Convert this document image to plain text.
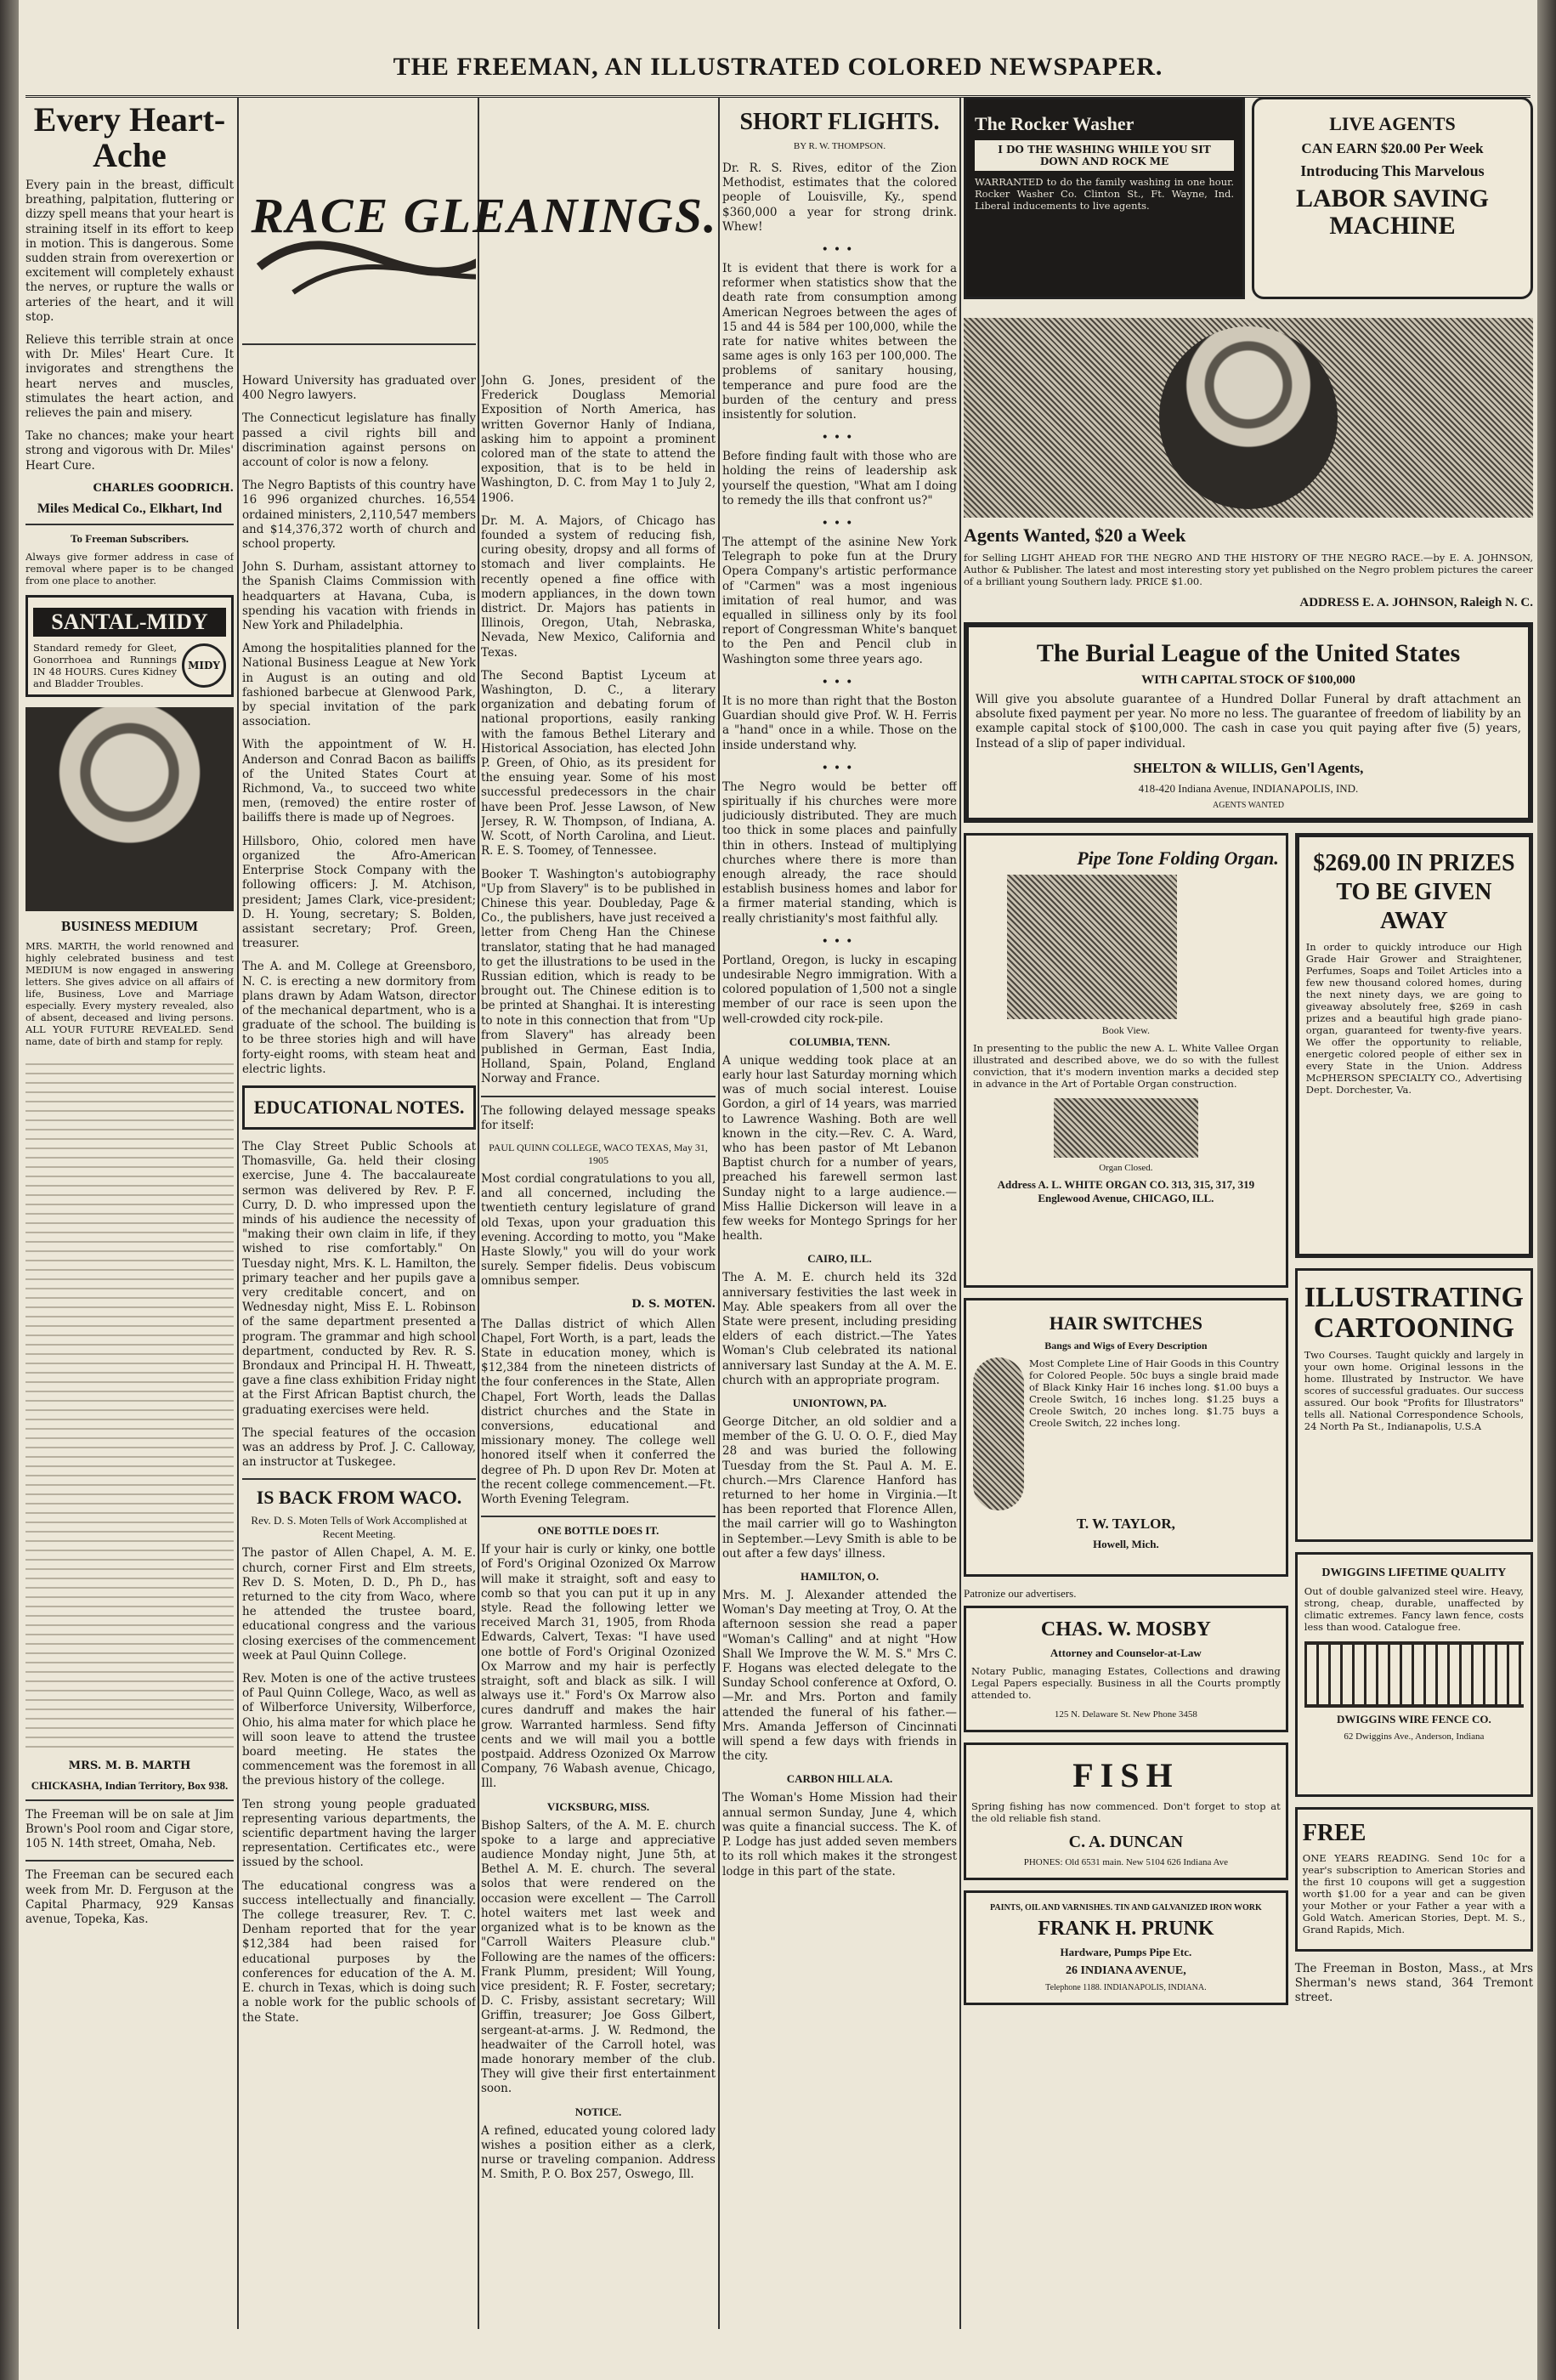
THE FREEMAN, AN ILLUSTRATED COLORED NEWSPAPER.
Every Heart-Ache

Every pain in the breast, difficult breathing, palpitation, fluttering or dizzy spell means that your heart is straining itself in its effort to keep in motion. This is dangerous. Some sudden strain from overexertion or excitement will completely exhaust the nerves, or rupture the walls or arteries of the heart, and it will stop.

Relieve this terrible strain at once with Dr. Miles' Heart Cure. It invigorates and strengthens the heart nerves and muscles, stimulates the heart action, and relieves the pain and misery.

Take no chances; make your heart strong and vigorous with Dr. Miles' Heart Cure.

CHARLES GOODRICH.
Miles Medical Co., Elkhart, Ind
To Freeman Subscribers.

Always give former address in case of removal where paper is to be changed from one place to another.

SANTAL-MIDY

Standard remedy for Gleet, Gonorrhoea and Runnings IN 48 HOURS. Cures Kidney and Bladder Troubles.

MIDY
BUSINESS MEDIUM

MRS. MARTH, the world renowned and highly celebrated business and test MEDIUM is now engaged in answering letters. She gives advice on all affairs of life, Business, Love and Marriage especially. Every mystery revealed, also of absent, deceased and living persons. ALL YOUR FUTURE REVEALED. Send name, date of birth and stamp for reply.

MRS. M. B. MARTH
CHICKASHA, Indian Territory, Box 938.

The Freeman will be on sale at Jim Brown's Pool room and Cigar store, 105 N. 14th street, Omaha, Neb.

The Freeman can be secured each week from Mr. D. Ferguson at the Capital Pharmacy, 929 Kansas avenue, Topeka, Kas.

RACE GLEANINGS.

Howard University has graduated over 400 Negro lawyers.

The Connecticut legislature has finally passed a civil rights bill and discrimination against persons on account of color is now a felony.

The Negro Baptists of this country have 16 996 organized churches. 16,554 ordained ministers, 2,110,547 members and $14,376,372 worth of church and school property.

John S. Durham, assistant attorney to the Spanish Claims Commission with headquarters at Havana, Cuba, is spending his vacation with friends in New York and Philadelphia.

Among the hospitalities planned for the National Business League at New York in August is an outing and old fashioned barbecue at Glenwood Park, by special invitation of the park association.

With the appointment of W. H. Anderson and Conrad Bacon as bailiffs of the United States Court at Richmond, Va., to succeed two white men, (removed) the entire roster of bailiffs there is made up of Negroes.

Hillsboro, Ohio, colored men have organized the Afro-American Enterprise Stock Company with the following officers: J. M. Atchison, president; James Clark, vice-president; D. H. Young, secretary; S. Bolden, assistant secretary; Prof. Green, treasurer.

The A. and M. College at Greensboro, N. C. is erecting a new dormitory from plans drawn by Adam Watson, director of the mechanical department, who is a graduate of the school. The building is to be three stories high and will have forty-eight rooms, with steam heat and electric lights.

EDUCATIONAL NOTES.

The Clay Street Public Schools at Thomasville, Ga. held their closing exercise, June 4. The baccalaureate sermon was delivered by Rev. P. F. Curry, D. D. who impressed upon the minds of his audience the necessity of "making their own claim in life, if they wished to rise comfortably." On Tuesday night, Mrs. K. L. Hamilton, the primary teacher and her pupils gave a very creditable concert, and on Wednesday night, Miss E. L. Robinson of the same department presented a program. The grammar and high school department, conducted by Rev. R. S. Brondaux and Principal H. H. Thweatt, gave a fine class exhibition Friday night at the First African Baptist church, the graduating exercises were held.

The special features of the occasion was an address by Prof. J. C. Calloway, an instructor at Tuskegee.

IS BACK FROM WACO.
Rev. D. S. Moten Tells of Work Accomplished at Recent Meeting.

The pastor of Allen Chapel, A. M. E. church, corner First and Elm streets, Rev D. S. Moten, D. D., Ph D., has returned to the city from Waco, where he attended the trustee board, educational congress and the various closing exercises of the commencement week at Paul Quinn College.

Rev. Moten is one of the active trustees of Paul Quinn College, Waco, as well as of Wilberforce University, Wilberforce, Ohio, his alma mater for which place he will soon leave to attend the trustee board meeting. He states the commencement was the foremost in all the previous history of the college.

Ten strong young people graduated representing various departments, the scientific department having the larger representation. Certificates etc., were issued by the school.

The educational congress was a success intellectually and financially. The college treasurer, Rev. T. C. Denham reported that for the year $12,384 had been raised for educational purposes by the conferences for education of the A. M. E. church in Texas, which is doing such a noble work for the public schools of the State.

John G. Jones, president of the Frederick Douglass Memorial Exposition of North America, has written Governor Hanly of Indiana, asking him to appoint a prominent colored man of the state to attend the exposition, that is to be held in Washington, D. C. from May 1 to July 2, 1906.

Dr. M. A. Majors, of Chicago has founded a system of reducing fish, curing obesity, dropsy and all forms of stomach and liver complaints. He recently opened a fine office with modern appliances, in the down town district. Dr. Majors has patients in Illinois, Oregon, Utah, Nebraska, Nevada, New Mexico, California and Texas.

The Second Baptist Lyceum at Washington, D. C., a literary organization and debating forum of national proportions, easily ranking with the famous Bethel Literary and Historical Association, has elected John P. Green, of Ohio, as its president for the ensuing year. Some of his most successful predecessors in the chair have been Prof. Jesse Lawson, of New Jersey, R. W. Thompson, of Indiana, A. W. Scott, of North Carolina, and Lieut. R. E. S. Toomey, of Tennessee.

Booker T. Washington's autobiography "Up from Slavery" is to be published in Chinese this year. Doubleday, Page & Co., the publishers, have just received a letter from Cheng Han the Chinese translator, stating that he had managed to get the illustrations to be used in the Russian edition, which is ready to be brought out. The Chinese edition is to be printed at Shanghai. It is interesting to note in this connection that from "Up from Slavery" has already been published in German, East India, Holland, Spain, Poland, England Norway and France.

The following delayed message speaks for itself:

PAUL QUINN COLLEGE, WACO TEXAS, May 31, 1905

Most cordial congratulations to you all, and all concerned, including the twentieth century legislature of grand old Texas, upon your graduation this evening. According to motto, you "Make Haste Slowly," you will do your work surely. Semper fidelis. Deus vobiscum omnibus semper.

D. S. MOTEN.

The Dallas district of which Allen Chapel, Fort Worth, is a part, leads the State in education money, which is $12,384 from the nineteen districts of the four conferences in the State, Allen Chapel, Fort Worth, leads the Dallas district churches and the State in conversions, educational and missionary money. The college well honored itself when it conferred the degree of Ph. D upon Rev Dr. Moten at the recent college commencement.—Ft. Worth Evening Telegram.

ONE BOTTLE DOES IT.

If your hair is curly or kinky, one bottle of Ford's Original Ozonized Ox Marrow will make it straight, soft and easy to comb so that you can put it up in any style. Read the following letter we received March 31, 1905, from Rhoda Edwards, Calvert, Texas: "I have used one bottle of Ford's Original Ozonized Ox Marrow and my hair is perfectly straight, soft and black as silk. I will always use it." Ford's Ox Marrow also cures dandruff and makes the hair grow. Warranted harmless. Send fifty cents and we will mail you a bottle postpaid. Address Ozonized Ox Marrow Company, 76 Wabash avenue, Chicago, Ill.

VICKSBURG, MISS.

Bishop Salters, of the A. M. E. church spoke to a large and appreciative audience Monday night, June 5th, at Bethel A. M. E. church. The several solos that were rendered on the occasion were excellent — The Carroll hotel waiters met last week and organized what is to be known as the "Carroll Waiters Pleasure club." Following are the names of the officers: Frank Plumm, president; Will Young, vice president; R. F. Foster, secretary; D. C. Frisby, assistant secretary; Will Griffin, treasurer; Joe Goss Gilbert, sergeant-at-arms. J. W. Redmond, the headwaiter of the Carroll hotel, was made honorary member of the club. They will give their first entertainment soon.

NOTICE.

A refined, educated young colored lady wishes a position either as a clerk, nurse or traveling companion. Address M. Smith, P. O. Box 257, Oswego, Ill.

SHORT FLIGHTS.
BY R. W. THOMPSON.

Dr. R. S. Rives, editor of the Zion Methodist, estimates that the colored people of Louisville, Ky., spend $360,000 a year for strong drink. Whew!

•••

It is evident that there is work for a reformer when statistics show that the death rate from consumption among American Negroes between the ages of 15 and 44 is 584 per 100,000, while the rate for native whites between the same ages is only 163 per 100,000. The problems of sanitary housing, temperance and pure food are the burden of the century and press insistently for solution.

•••

Before finding fault with those who are holding the reins of leadership ask yourself the question, "What am I doing to remedy the ills that confront us?"

•••

The attempt of the asinine New York Telegraph to poke fun at the Drury Opera Company's artistic performance of "Carmen" was a most ingenious imitation of real humor, and was equalled in silliness only by its fool report of Congressman White's banquet to the Pen and Pencil club in Washington some three years ago.

•••

It is no more than right that the Boston Guardian should give Prof. W. H. Ferris a "hand" once in a while. Those on the inside understand why.

•••

The Negro would be better off spiritually if his churches were more judiciously distributed. They are much too thick in some places and painfully thin in others. Instead of multiplying churches where there is more than enough already, the race should establish business homes and labor for a firmer material standing, which is really christianity's most faithful ally.

•••

Portland, Oregon, is lucky in escaping undesirable Negro immigration. With a colored population of 1,500 not a single member of our race is seen upon the well-crowded city rock-pile.

COLUMBIA, TENN.

A unique wedding took place at an early hour last Saturday morning which was of much social interest. Louise Gordon, a girl of 14 years, was married to Lawrence Washing. Both are well known in the city.—Rev. C. A. Ward, who has been pastor of Mt Lebanon Baptist church for a number of years, preached his farewell sermon last Sunday night to a large audience.—Miss Hallie Dickerson will leave in a few weeks for Montego Springs for her health.

CAIRO, ILL.

The A. M. E. church held its 32d anniversary festivities the last week in May. Able speakers from all over the State were present, including presiding elders of each district.—The Yates Woman's Club celebrated its national anniversary last Sunday at the A. M. E. church with an appropriate program.

UNIONTOWN, PA.

George Ditcher, an old soldier and a member of the G. U. O. O. F., died May 28 and was buried the following Tuesday from the St. Paul A. M. E. church.—Mrs Clarence Hanford has returned to her home in Virginia.—It has been reported that Florence Allen, the mail carrier will go to Washington in September.—Levy Smith is able to be out after a few days' illness.

HAMILTON, O.

Mrs. M. J. Alexander attended the Woman's Day meeting at Troy, O. At the afternoon session she read a paper "Woman's Calling" and at night "How Shall We Improve the W. M. S." Mrs C. F. Hogans was elected delegate to the Sunday School conference at Oxford, O.—Mr. and Mrs. Porton and family attended the funeral of his father.—Mrs. Amanda Jefferson of Cincinnati will spend a few days with friends in the city.

CARBON HILL ALA.

The Woman's Home Mission had their annual sermon Sunday, June 4, which was quite a financial success. The K. of P. Lodge has just added seven members to its roll which makes it the strongest lodge in this part of the state.

The Rocker Washer
I DO THE WASHING WHILE YOU SIT DOWN AND ROCK ME

WARRANTED to do the family washing in one hour. Rocker Washer Co. Clinton St., Ft. Wayne, Ind. Liberal inducements to live agents.

LIVE AGENTS
CAN EARN $20.00 Per Week
Introducing This Marvelous
LABOR SAVING MACHINE
Agents Wanted, $20 a Week

for Selling LIGHT AHEAD FOR THE NEGRO AND THE HISTORY OF THE NEGRO RACE.—by E. A. JOHNSON, Author & Publisher. The latest and most interesting story yet published on the Negro problem pictures the career of a brilliant young Southern lady. PRICE $1.00.

ADDRESS E. A. JOHNSON, Raleigh N. C.
The Burial League of the United States
WITH CAPITAL STOCK OF $100,000

Will give you absolute guarantee of a Hundred Dollar Funeral by draft attachment an absolute fixed payment per year. No more no less. The guarantee of freedom of liability by an example capital stock of $100,000. The cash in case you quit paying after five (5) years, Instead of a slip of paper individual.

SHELTON & WILLIS, Gen'l Agents,
418-420 Indiana Avenue, INDIANAPOLIS, IND.
AGENTS WANTED
Pipe Tone Folding Organ.
Book View.

In presenting to the public the new A. L. White Vallee Organ illustrated and described above, we do so with the fullest conviction, that it's modern invention marks a decided step in advance in the Art of Portable Organ construction.

Organ Closed.
Address A. L. WHITE ORGAN CO. 313, 315, 317, 319 Englewood Avenue, CHICAGO, ILL.
HAIR SWITCHES
Bangs and Wigs of Every Description

Most Complete Line of Hair Goods in this Country for Colored People. 50c buys a single braid made of Black Kinky Hair 16 inches long. $1.00 buys a Creole Switch, 16 inches long. $1.25 buys a Creole Switch, 20 inches long. $1.75 buys a Creole Switch, 22 inches long.

T. W. TAYLOR,
Howell, Mich.
Patronize our advertisers.
CHAS. W. MOSBY
Attorney and Counselor-at-Law

Notary Public, managing Estates, Collections and drawing Legal Papers especially. Business in all the Courts promptly attended to.

125 N. Delaware St. New Phone 3458
FISH

Spring fishing has now commenced. Don't forget to stop at the old reliable fish stand.

C. A. DUNCAN
PHONES: Old 6531 main. New 5104 626 Indiana Ave
PAINTS, OIL AND VARNISHES. TIN AND GALVANIZED IRON WORK
FRANK H. PRUNK
Hardware, Pumps Pipe Etc.
26 INDIANA AVENUE,
Telephone 1188. INDIANAPOLIS, INDIANA.
$269.00 IN PRIZES TO BE GIVEN AWAY

In order to quickly introduce our High Grade Hair Grower and Straightener, Perfumes, Soaps and Toilet Articles into a few new thousand colored homes, during the next ninety days, we are going to giveaway absolutely free, $269 in cash prizes and a beautiful high grade piano-organ, guaranteed for twenty-five years. We offer the opportunity to reliable, energetic colored people of either sex in every State in the Union. Address McPHERSON SPECIALTY CO., Advertising Dept. Dorchester, Va.

ILLUSTRATING CARTOONING

Two Courses. Taught quickly and largely in your own home. Original lessons in the home. Illustrated by Instructor. We have scores of successful graduates. Our success assured. Our book "Profits for Illustrators" tells all. National Correspondence Schools, 24 North Pa St., Indianapolis, U.S.A

DWIGGINS LIFETIME QUALITY

Out of double galvanized steel wire. Heavy, strong, cheap, durable, unaffected by climatic extremes. Fancy lawn fence, costs less than wood. Catalogue free.

DWIGGINS WIRE FENCE CO.
62 Dwiggins Ave., Anderson, Indiana
FREE

ONE YEARS READING. Send 10c for a year's subscription to American Stories and the first 10 coupons will get a suggestion worth $1.00 for a year and can be given your Mother or your Father a year with a Gold Watch. American Stories, Dept. M. S., Grand Rapids, Mich.

The Freeman in Boston, Mass., at Mrs Sherman's news stand, 364 Tremont street.
